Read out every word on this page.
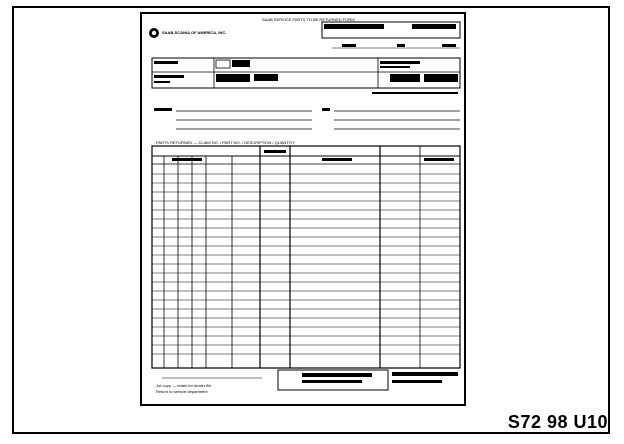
SAAB SERVICE PARTS TO BE RETURNED FORM
SAAB-SCANIA OF AMERICA, INC.
PARTS RETURNED — CLAIM NO. / PART NO. / DESCRIPTION / QUANTITY
1st copy — retain for dealer file
Return to service department
S72 98 U10
